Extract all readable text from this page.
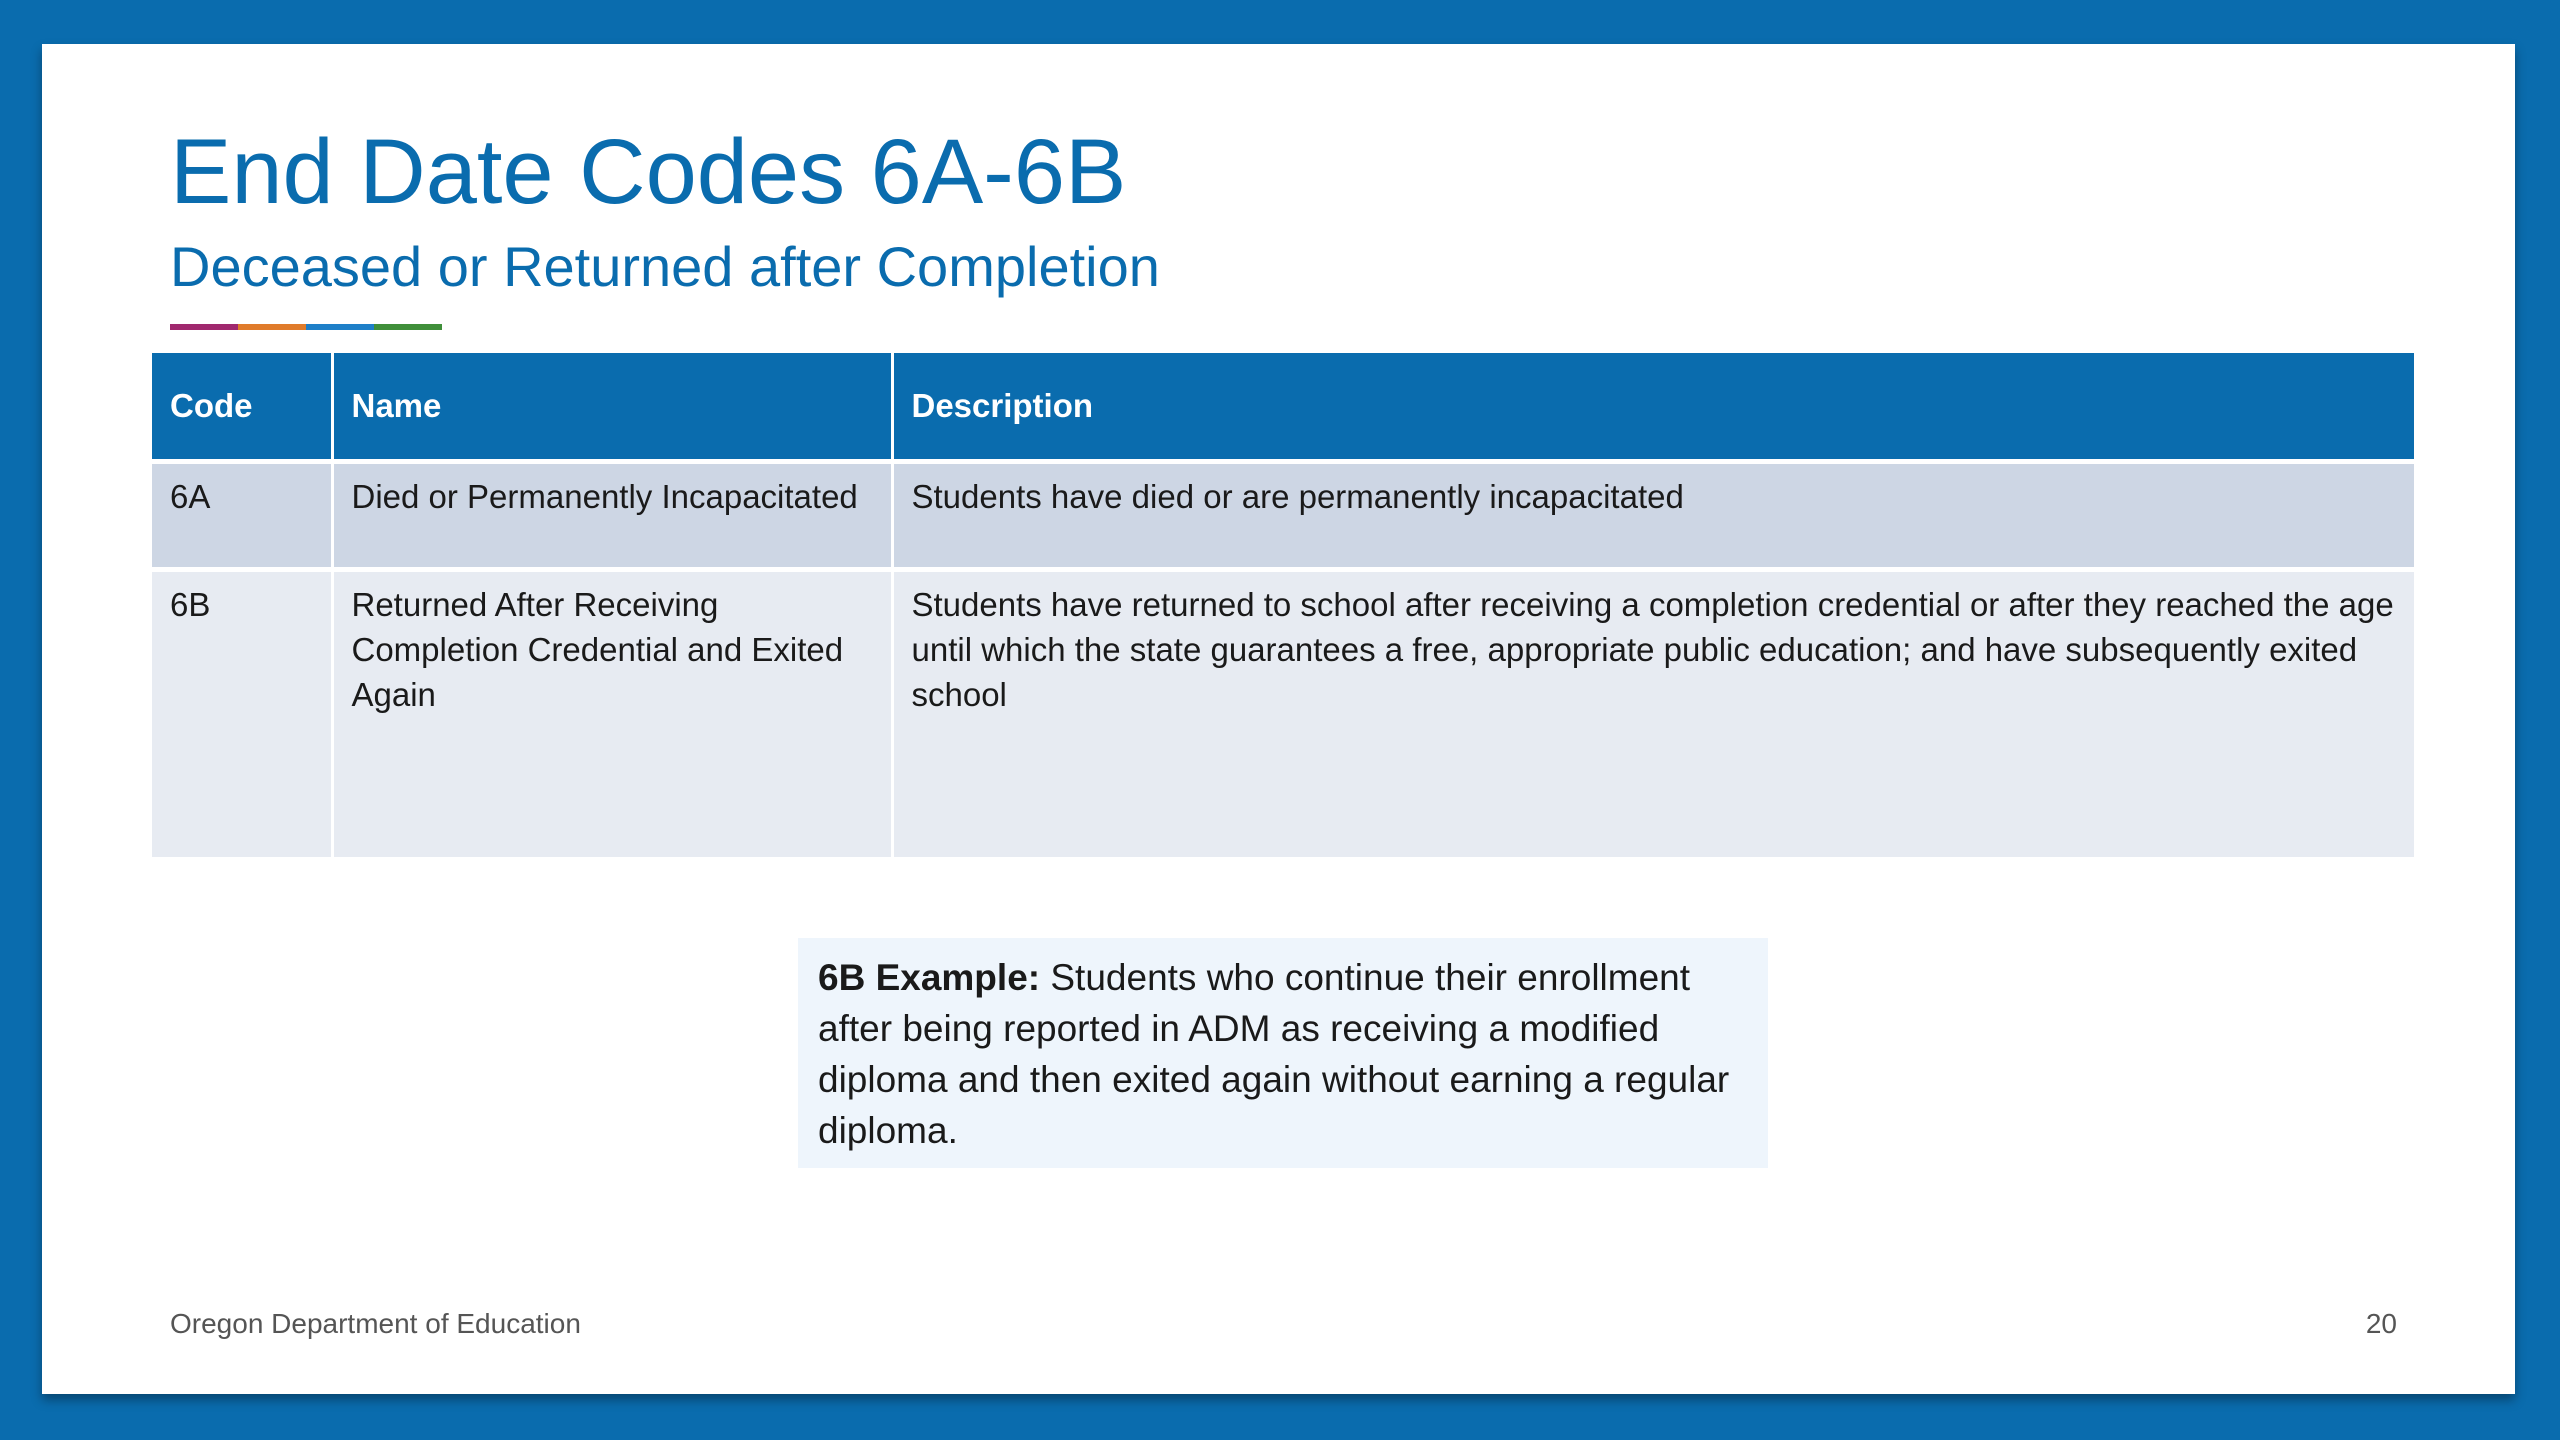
End Date Codes 6A-6B
Deceased or Returned after Completion
Code	Name	Description
6A	Died or Permanently Incapacitated	Students have died or are permanently incapacitated
6B	Returned After Receiving Completion Credential and Exited Again	Students have returned to school after receiving a completion credential or after they reached the age until which the state guarantees a free, appropriate public education; and have subsequently exited school
6B Example: Students who continue their enrollment after being reported in ADM as receiving a modified diploma and then exited again without earning a regular diploma.
Oregon Department of Education	20
